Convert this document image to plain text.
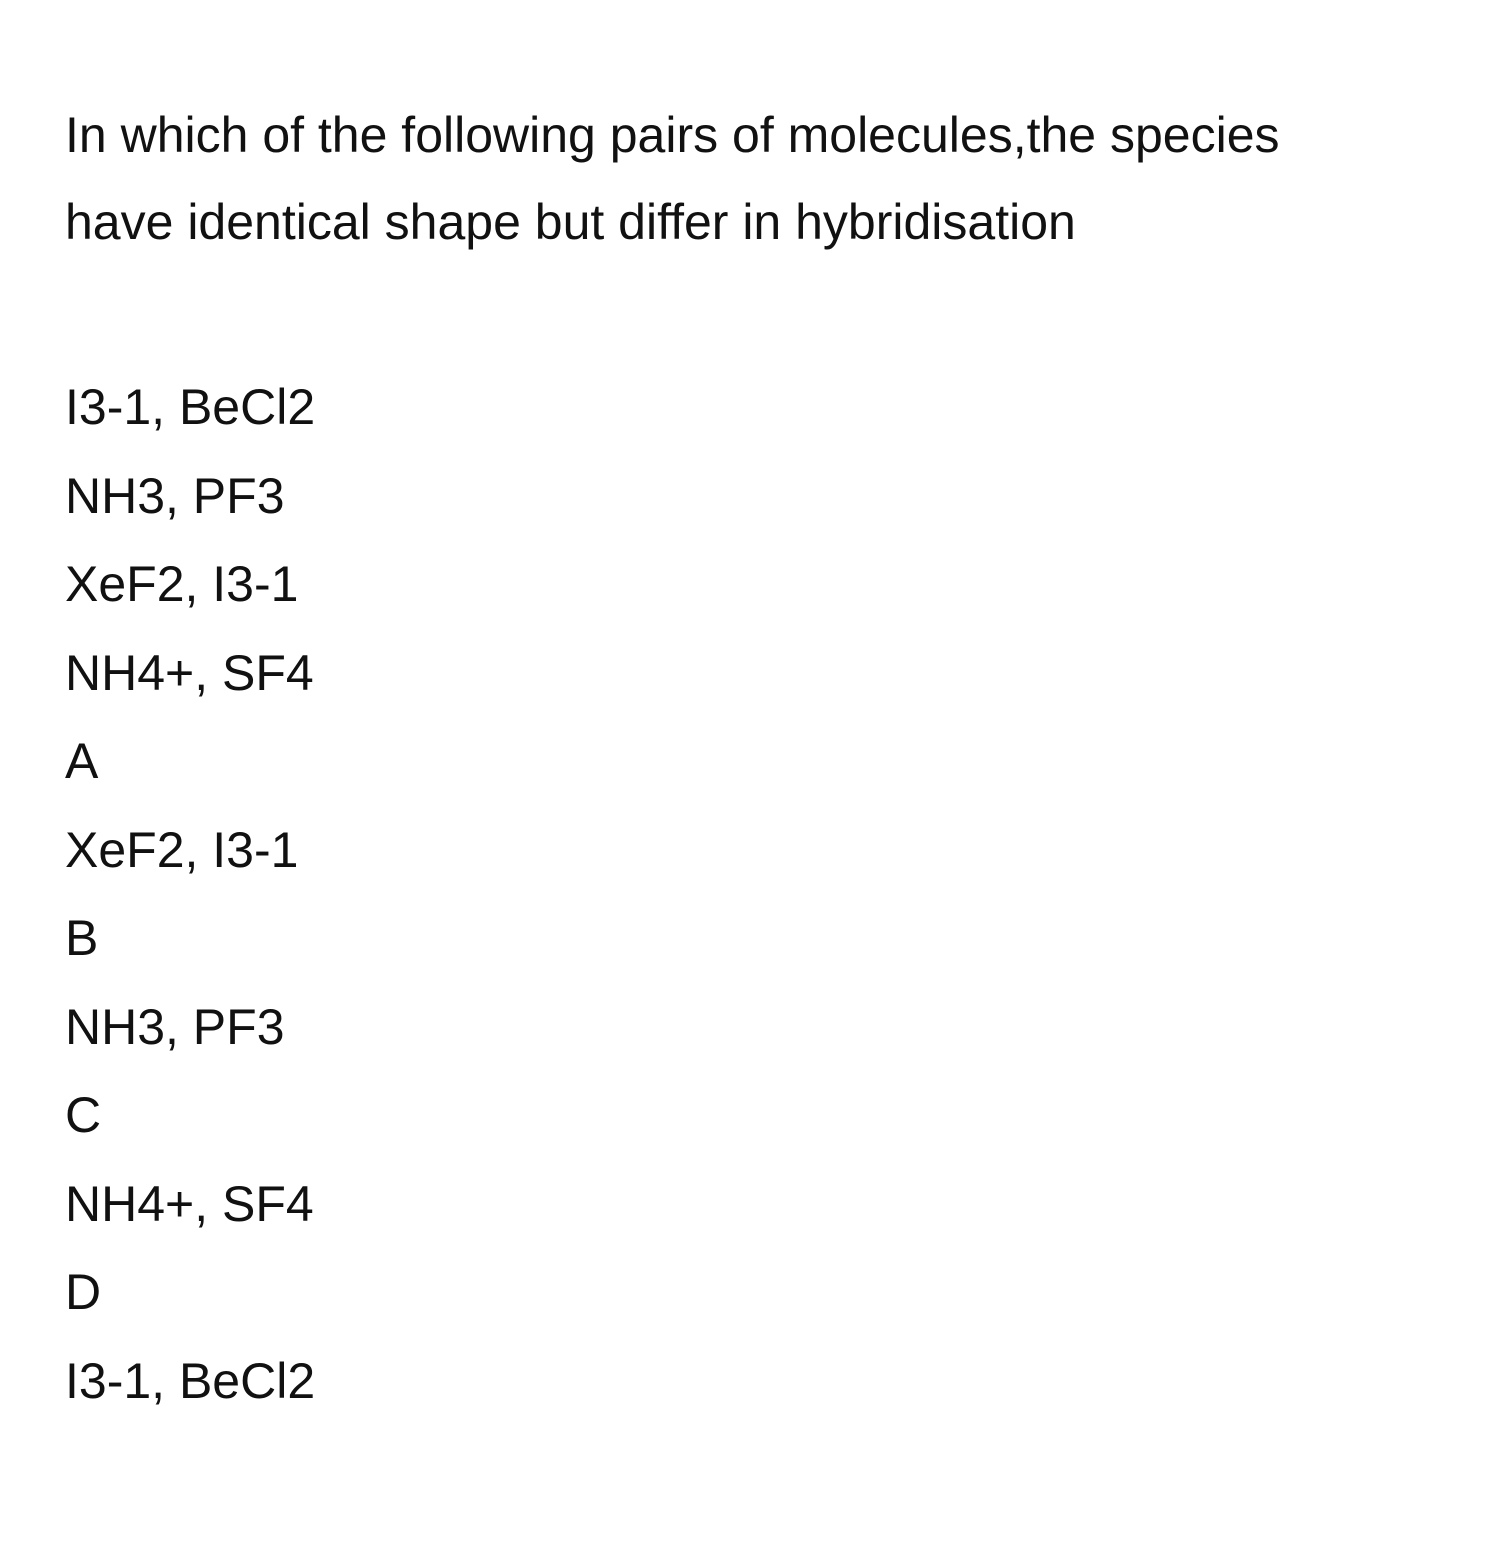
In which of the following pairs of molecules,the species have identical shape but differ in hybridisation

I3-1, BeCl2
NH3, PF3
XeF2, I3-1
NH4+, SF4
A
XeF2, I3-1
B
NH3, PF3
C
NH4+, SF4
D
I3-1, BeCl2
